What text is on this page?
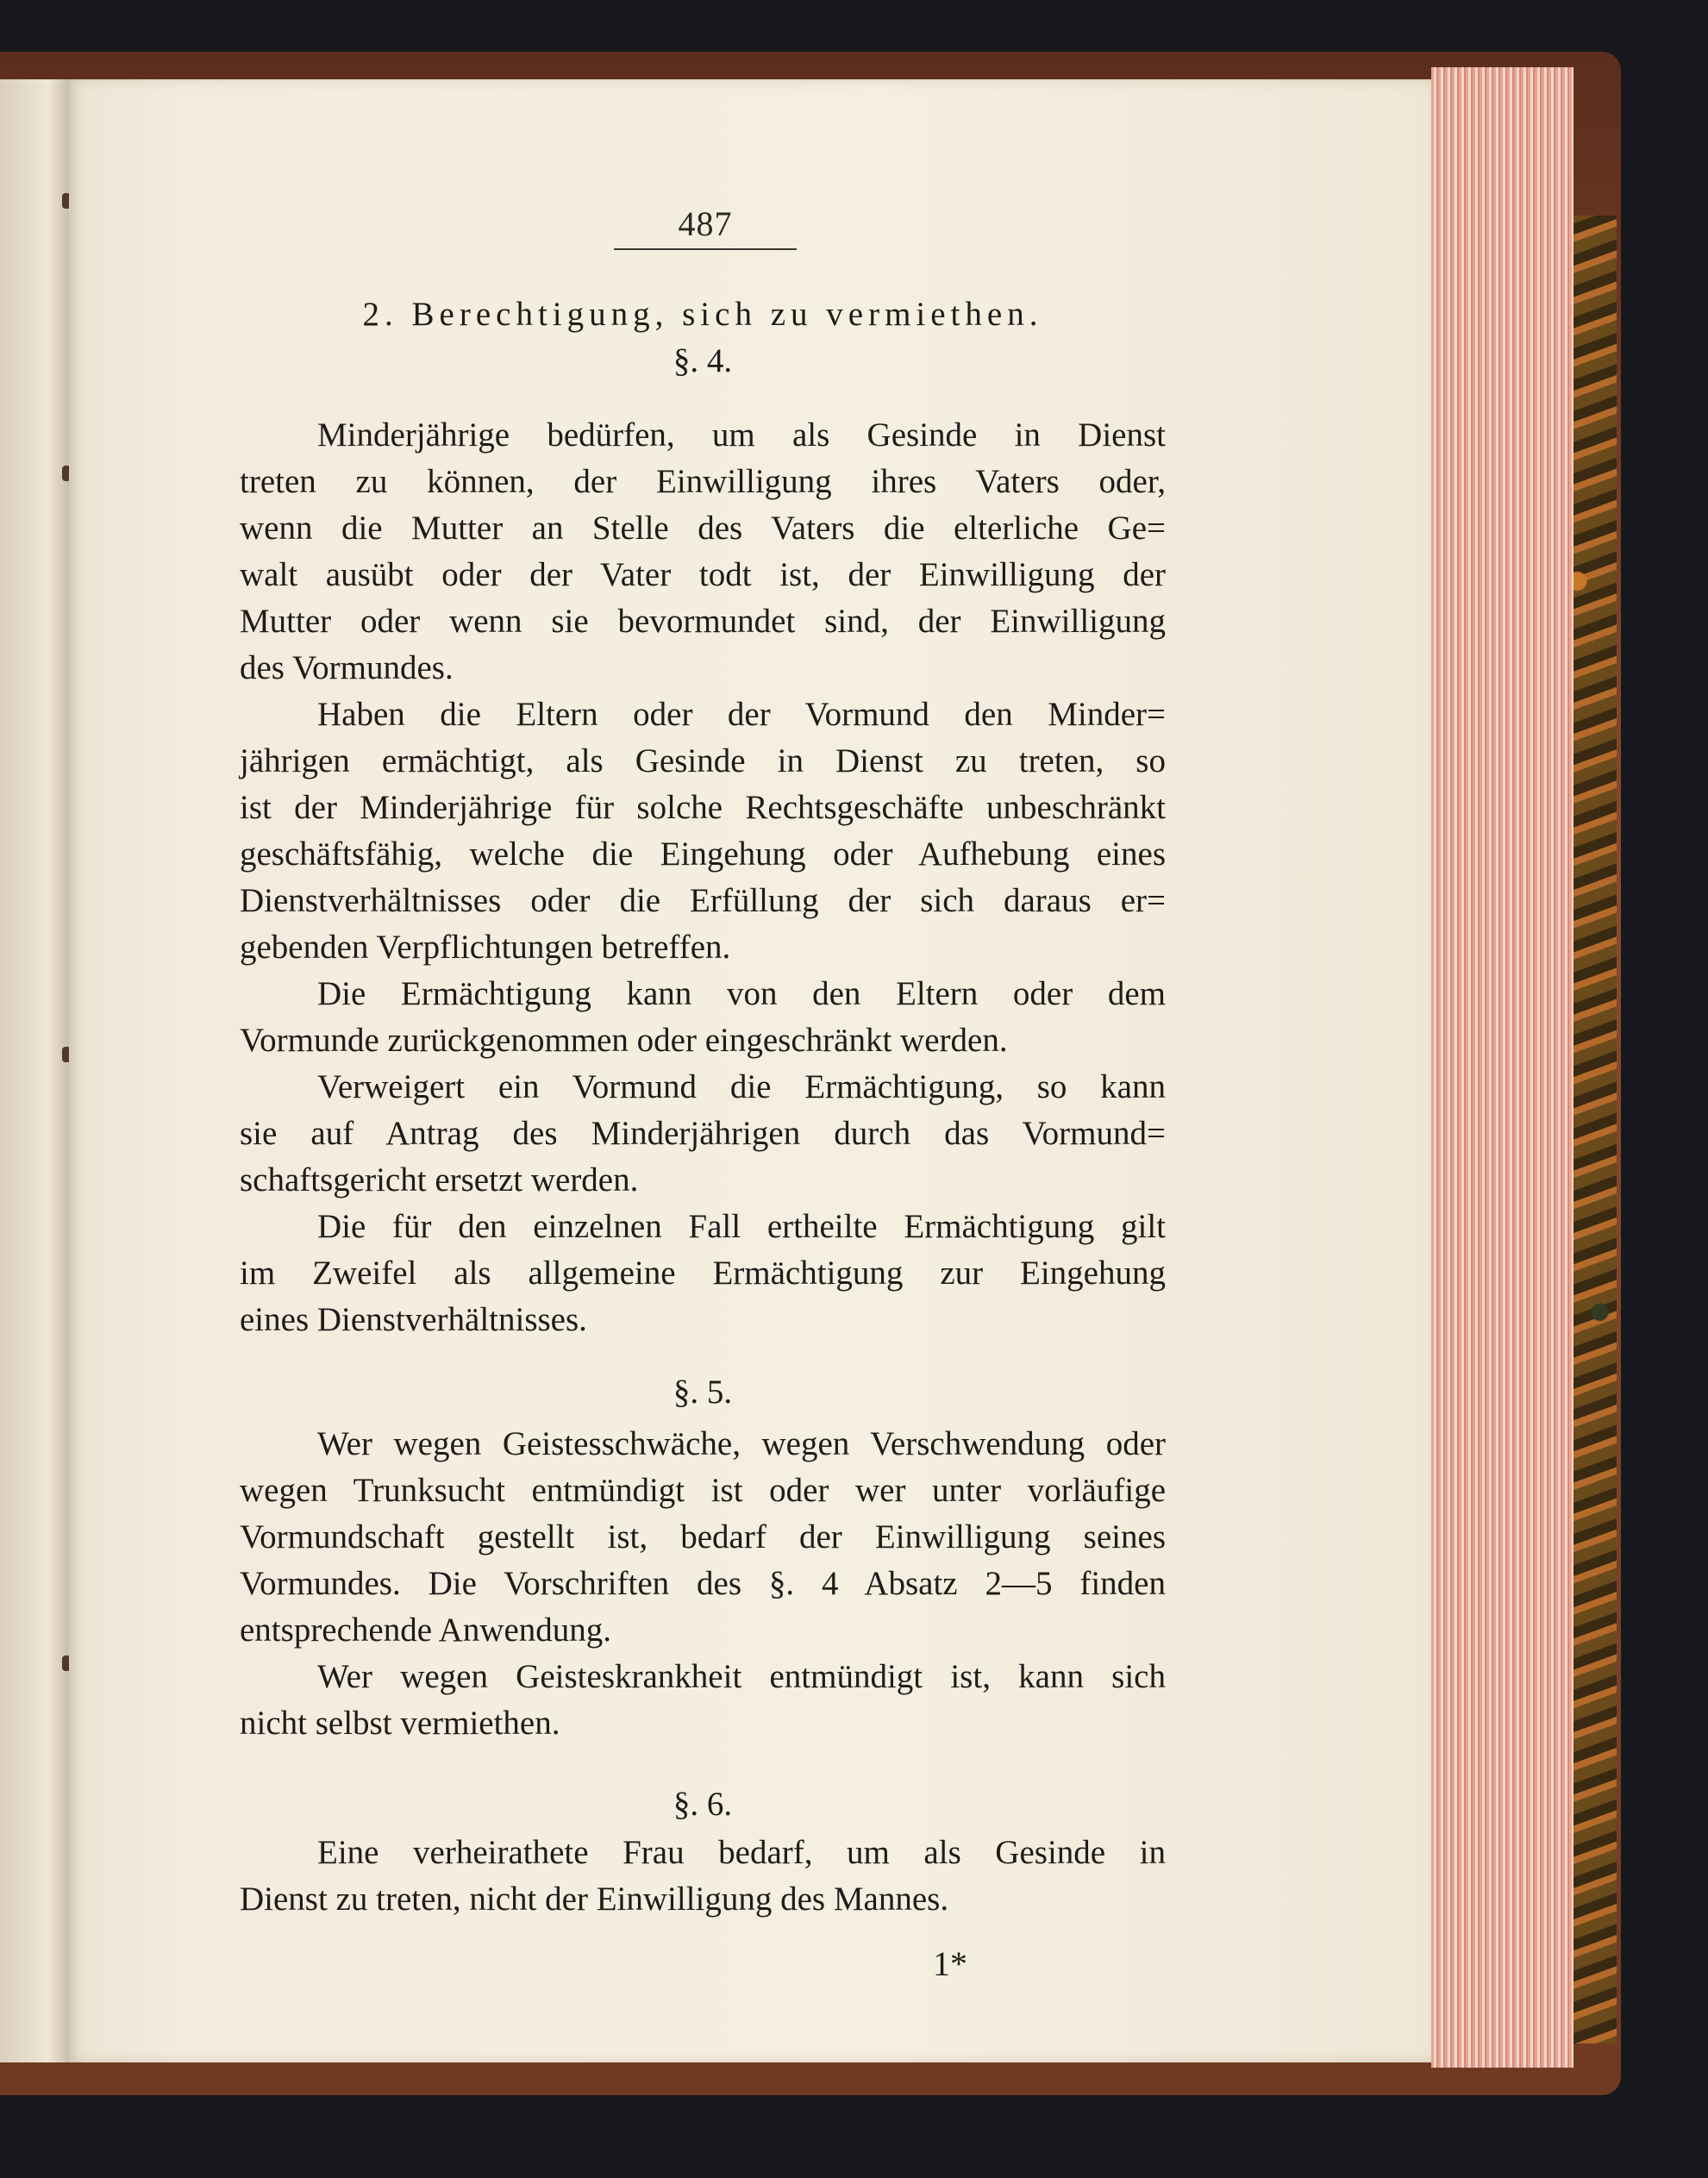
487
2. Berechtigung, sich zu vermiethen.
§. 4.
Minderjährige bedürfen, um als Gesinde in Dienst
treten zu können, der Einwilligung ihres Vaters oder,
wenn die Mutter an Stelle des Vaters die elterliche Ge=
walt ausübt oder der Vater todt ist, der Einwilligung der
Mutter oder wenn sie bevormundet sind, der Einwilligung
des Vormundes.
Haben die Eltern oder der Vormund den Minder=
jährigen ermächtigt, als Gesinde in Dienst zu treten, so
ist der Minderjährige für solche Rechtsgeschäfte unbeschränkt
geschäftsfähig, welche die Eingehung oder Aufhebung eines
Dienstverhältnisses oder die Erfüllung der sich daraus er=
gebenden Verpflichtungen betreffen.
Die Ermächtigung kann von den Eltern oder dem
Vormunde zurückgenommen oder eingeschränkt werden.
Verweigert ein Vormund die Ermächtigung, so kann
sie auf Antrag des Minderjährigen durch das Vormund=
schaftsgericht ersetzt werden.
Die für den einzelnen Fall ertheilte Ermächtigung gilt
im Zweifel als allgemeine Ermächtigung zur Eingehung
eines Dienstverhältnisses.
§. 5.
Wer wegen Geistesschwäche, wegen Verschwendung oder
wegen Trunksucht entmündigt ist oder wer unter vorläufige
Vormundschaft gestellt ist, bedarf der Einwilligung seines
Vormundes. Die Vorschriften des §. 4 Absatz 2—5 finden
entsprechende Anwendung.
Wer wegen Geisteskrankheit entmündigt ist, kann sich
nicht selbst vermiethen.
§. 6.
Eine verheirathete Frau bedarf, um als Gesinde in
Dienst zu treten, nicht der Einwilligung des Mannes.
1*
